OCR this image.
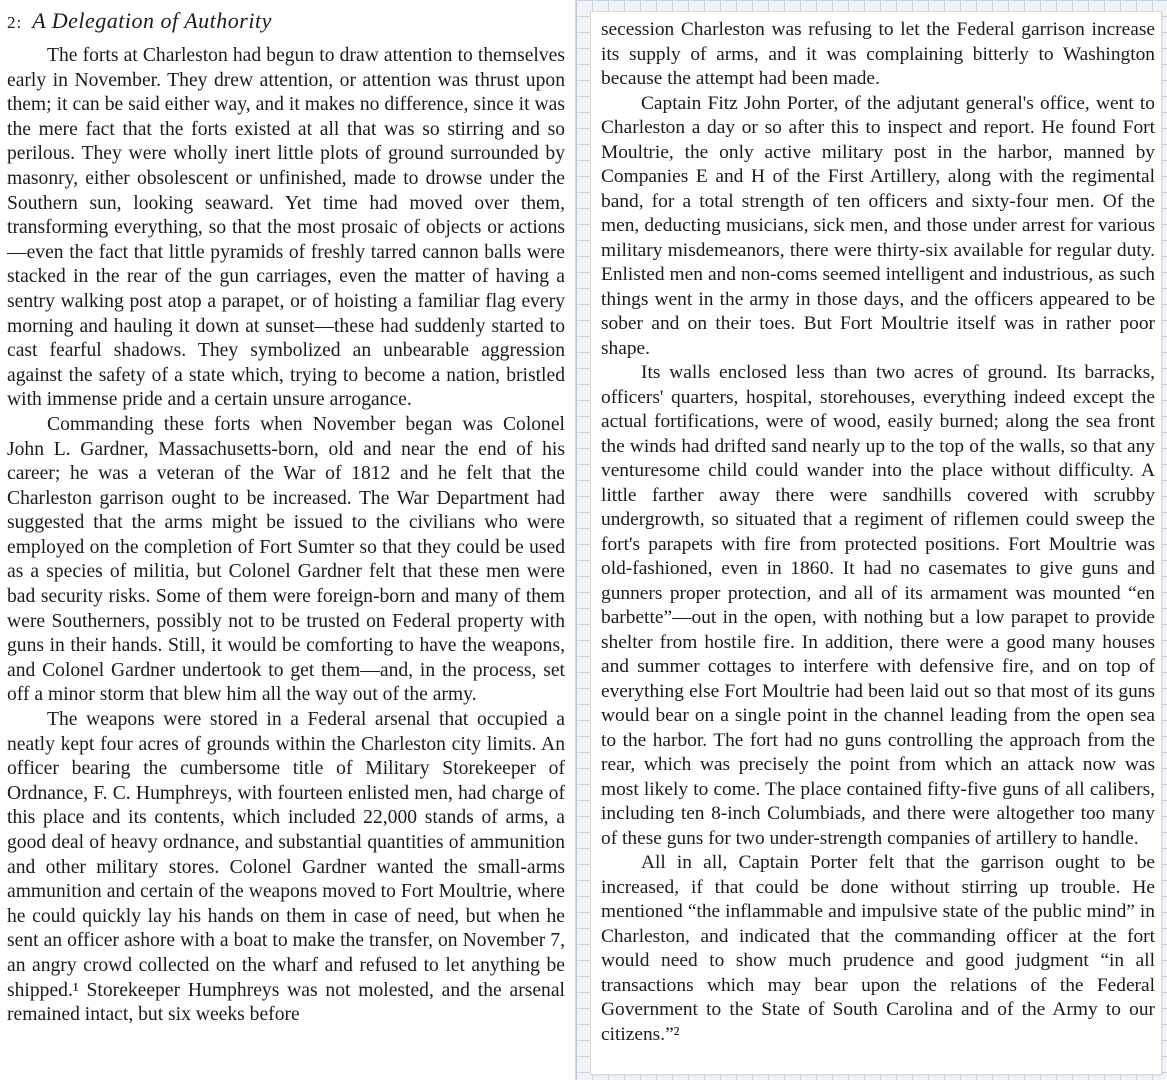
2: A Delegation of Authority

The forts at Charleston had begun to draw attention to themselves early in November. They drew attention, or attention was thrust upon them; it can be said either way, and it makes no difference, since it was the mere fact that the forts existed at all that was so stirring and so perilous. They were wholly inert little plots of ground surrounded by masonry, either obsolescent or unfinished, made to drowse under the Southern sun, looking seaward. Yet time had moved over them, transforming everything, so that the most prosaic of objects or actions—even the fact that little pyramids of freshly tarred cannon balls were stacked in the rear of the gun carriages, even the matter of having a sentry walking post atop a parapet, or of hoisting a familiar flag every morning and hauling it down at sunset—these had suddenly started to cast fearful shadows. They symbolized an unbearable aggression against the safety of a state which, trying to become a nation, bristled with immense pride and a certain unsure arrogance.

Commanding these forts when November began was Colonel John L. Gardner, Massachusetts-born, old and near the end of his career; he was a veteran of the War of 1812 and he felt that the Charleston garrison ought to be increased. The War Department had suggested that the arms might be issued to the civilians who were employed on the completion of Fort Sumter so that they could be used as a species of militia, but Colonel Gardner felt that these men were bad security risks. Some of them were foreign-born and many of them were Southerners, possibly not to be trusted on Federal property with guns in their hands. Still, it would be comforting to have the weapons, and Colonel Gardner undertook to get them—and, in the process, set off a minor storm that blew him all the way out of the army.

The weapons were stored in a Federal arsenal that occupied a neatly kept four acres of grounds within the Charleston city limits. An officer bearing the cumbersome title of Military Storekeeper of Ordnance, F. C. Humphreys, with fourteen enlisted men, had charge of this place and its contents, which included 22,000 stands of arms, a good deal of heavy ordnance, and substantial quantities of ammunition and other military stores. Colonel Gardner wanted the small-arms ammunition and certain of the weapons moved to Fort Moultrie, where he could quickly lay his hands on them in case of need, but when he sent an officer ashore with a boat to make the transfer, on November 7, an angry crowd collected on the wharf and refused to let anything be shipped.¹ Storekeeper Humphreys was not molested, and the arsenal remained intact, but six weeks before

secession Charleston was refusing to let the Federal garrison increase its supply of arms, and it was complaining bitterly to Washington because the attempt had been made.

Captain Fitz John Porter, of the adjutant general's office, went to Charleston a day or so after this to inspect and report. He found Fort Moultrie, the only active military post in the harbor, manned by Companies E and H of the First Artillery, along with the regimental band, for a total strength of ten officers and sixty-four men. Of the men, deducting musicians, sick men, and those under arrest for various military misdemeanors, there were thirty-six available for regular duty. Enlisted men and non-coms seemed intelligent and industrious, as such things went in the army in those days, and the officers appeared to be sober and on their toes. But Fort Moultrie itself was in rather poor shape.

Its walls enclosed less than two acres of ground. Its barracks, officers' quarters, hospital, storehouses, everything indeed except the actual fortifications, were of wood, easily burned; along the sea front the winds had drifted sand nearly up to the top of the walls, so that any venturesome child could wander into the place without difficulty. A little farther away there were sandhills covered with scrubby undergrowth, so situated that a regiment of riflemen could sweep the fort's parapets with fire from protected positions. Fort Moultrie was old-fashioned, even in 1860. It had no casemates to give guns and gunners proper protection, and all of its armament was mounted “en barbette”—out in the open, with nothing but a low parapet to provide shelter from hostile fire. In addition, there were a good many houses and summer cottages to interfere with defensive fire, and on top of everything else Fort Moultrie had been laid out so that most of its guns would bear on a single point in the channel leading from the open sea to the harbor. The fort had no guns controlling the approach from the rear, which was precisely the point from which an attack now was most likely to come. The place contained fifty-five guns of all calibers, including ten 8-inch Columbiads, and there were altogether too many of these guns for two under-strength companies of artillery to handle.

All in all, Captain Porter felt that the garrison ought to be increased, if that could be done without stirring up trouble. He mentioned “the inflammable and impulsive state of the public mind” in Charleston, and indicated that the commanding officer at the fort would need to show much prudence and good judgment “in all transactions which may bear upon the relations of the Federal Government to the State of South Carolina and of the Army to our citizens.”²
